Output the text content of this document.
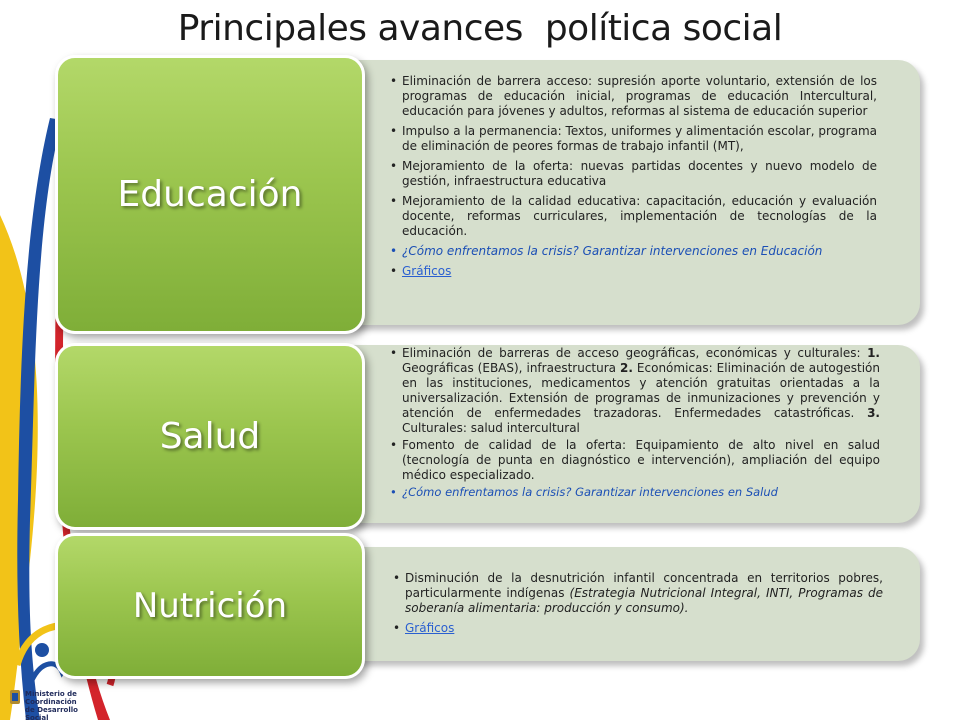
Principales avances  política social
Educación
• Eliminación de barrera acceso: supresión aporte voluntario, extensión de los programas de educación inicial, programas de educación Intercultural, educación para jóvenes y adultos, reformas al sistema de educación superior
• Impulso a la permanencia: Textos, uniformes y alimentación escolar, programa de eliminación de peores formas de trabajo infantil (MT),
• Mejoramiento de la oferta: nuevas partidas docentes y nuevo modelo de gestión, infraestructura educativa
• Mejoramiento de la calidad educativa: capacitación, educación y evaluación docente, reformas curriculares, implementación de tecnologías de la educación.
• ¿Cómo enfrentamos la crisis? Garantizar intervenciones en Educación
• Gráficos
Salud
• Eliminación de barreras de acceso geográficas, económicas y culturales: 1. Geográficas (EBAS), infraestructura 2. Económicas: Eliminación de autogestión en las instituciones, medicamentos y atención gratuitas orientadas a la universalización. Extensión de programas de inmunizaciones y prevención y atención de enfermedades trazadoras. Enfermedades catastróficas. 3. Culturales: salud intercultural
• Fomento de calidad de la oferta: Equipamiento de alto nivel en salud (tecnología de punta en diagnóstico e intervención), ampliación del equipo médico especializado.
• ¿Cómo enfrentamos la crisis? Garantizar intervenciones en Salud
Nutrición
• Disminución de la desnutrición infantil concentrada en territorios pobres, particularmente indígenas (Estrategia Nutricional Integral, INTI, Programas de soberanía alimentaria: producción y consumo).
• Gráficos
Ministerio de Coordinación de Desarrollo Social
